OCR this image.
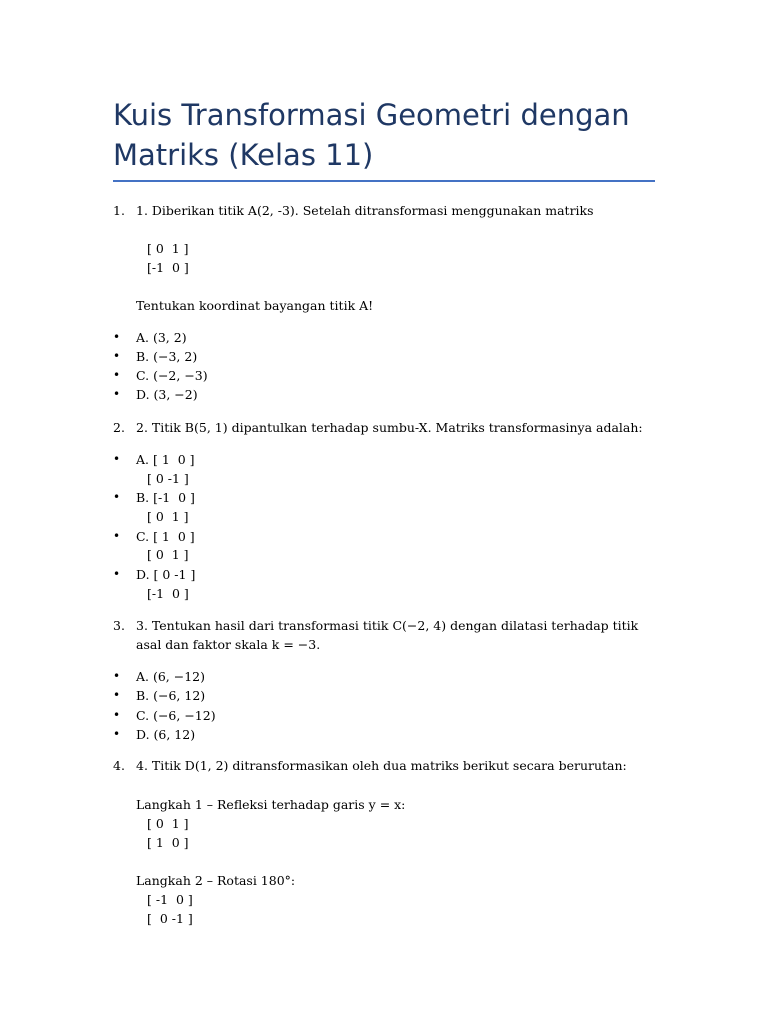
Kuis Transformasi Geometri dengan Matriks (Kelas 11)
1. 1. Diberikan titik A(2, -3). Setelah ditransformasi menggunakan matriks
[ 0  1 ]
[-1  0 ]
Tentukan koordinat bayangan titik A!
• A. (3, 2)
• B. (−3, 2)
• C. (−2, −3)
• D. (3, −2)
2. 2. Titik B(5, 1) dipantulkan terhadap sumbu-X. Matriks transformasinya adalah:
• A. [ 1  0 ]
[ 0 -1 ]
• B. [-1  0 ]
[ 0  1 ]
• C. [ 1  0 ]
[ 0  1 ]
• D. [ 0 -1 ]
[-1  0 ]
3. 3. Tentukan hasil dari transformasi titik C(−2, 4) dengan dilatasi terhadap titik asal dan faktor skala k = −3.
• A. (6, −12)
• B. (−6, 12)
• C. (−6, −12)
• D. (6, 12)
4. 4. Titik D(1, 2) ditransformasikan oleh dua matriks berikut secara berurutan:
Langkah 1 – Refleksi terhadap garis y = x:
[ 0  1 ]
[ 1  0 ]
Langkah 2 – Rotasi 180°:
[ -1  0 ]
[  0 -1 ]
